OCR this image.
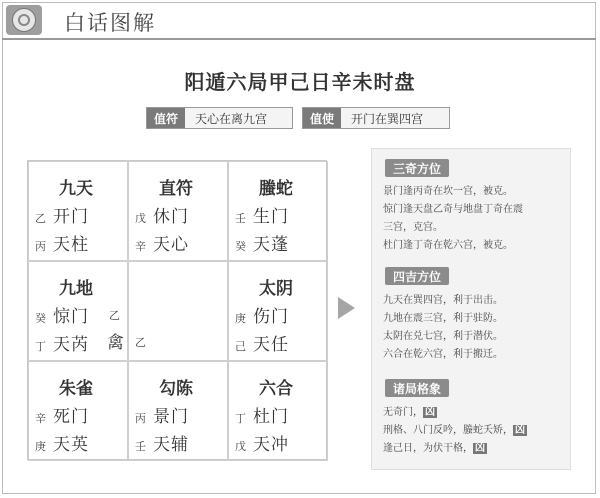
白话图解
阳遁六局甲己日辛未时盘
值符	天心在离九宫	值使	开门在巽四宫
九天
乙 开门
丙 天柱
直符
戊 休门
辛 天心
螣蛇
壬 生门
癸 天蓬
九地
癸 惊门
丁 天芮
乙
禽 乙
太阴
庚 伤门
己 天任
朱雀
辛 死门
庚 天英
勾陈
丙 景门
壬 天辅
六合
丁 杜门
戊 天冲
三奇方位
景门逢丙奇在坎一宫，被克。
惊门逢天盘乙奇与地盘丁奇在震
三宫，克宫。
杜门逢丁奇在乾六宫，被克。
四吉方位
九天在巽四宫，利于出击。
九地在震三宫，利于驻防。
太阴在兑七宫，利于潜伏。
六合在乾六宫，利于搬迁。
诸局格象
无奇门， 凶
刑格、八门反吟，螣蛇夭矫， 凶
逢己日，为伏干格， 凶
